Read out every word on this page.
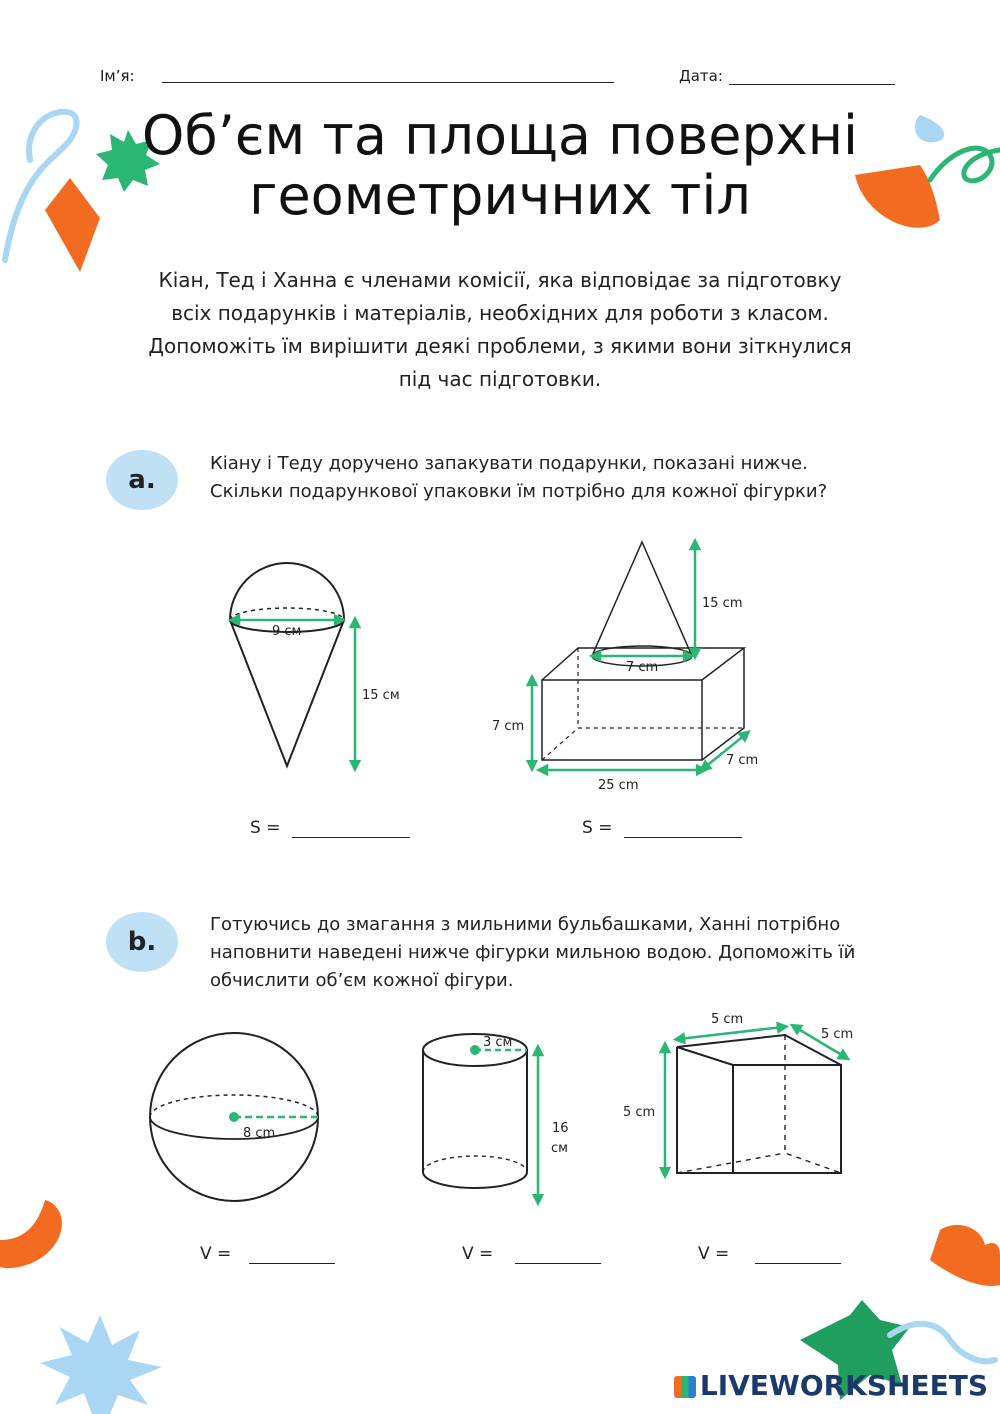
Ім’я:	Дата:
Об’єм та площа поверхні
геометричних тіл
Кіан, Тед і Ханна є членами комісії, яка відповідає за підготовку всіх подарунків і матеріалів, необхідних для роботи з класом. Допоможіть їм вирішити деякі проблеми, з якими вони зіткнулися під час підготовки.
a.
Кіану і Теду доручено запакувати подарунки, показані нижче.
Скільки подарункової упаковки їм потрібно для кожної фігурки?
9 см
15 см
7 cm
15 cm
7 cm
25 cm
7 cm
S =	S =
b.
Готуючись до змагання з мильними бульбашками, Ханні потрібно
наповнити наведені нижче фігурки мильною водою. Допоможіть їй
обчислити об’єм кожної фігури.
8 cm
3 см
16
см
5 cm
5 cm
5 cm
V =	V =	V =
LIVEWORKSHEETS
